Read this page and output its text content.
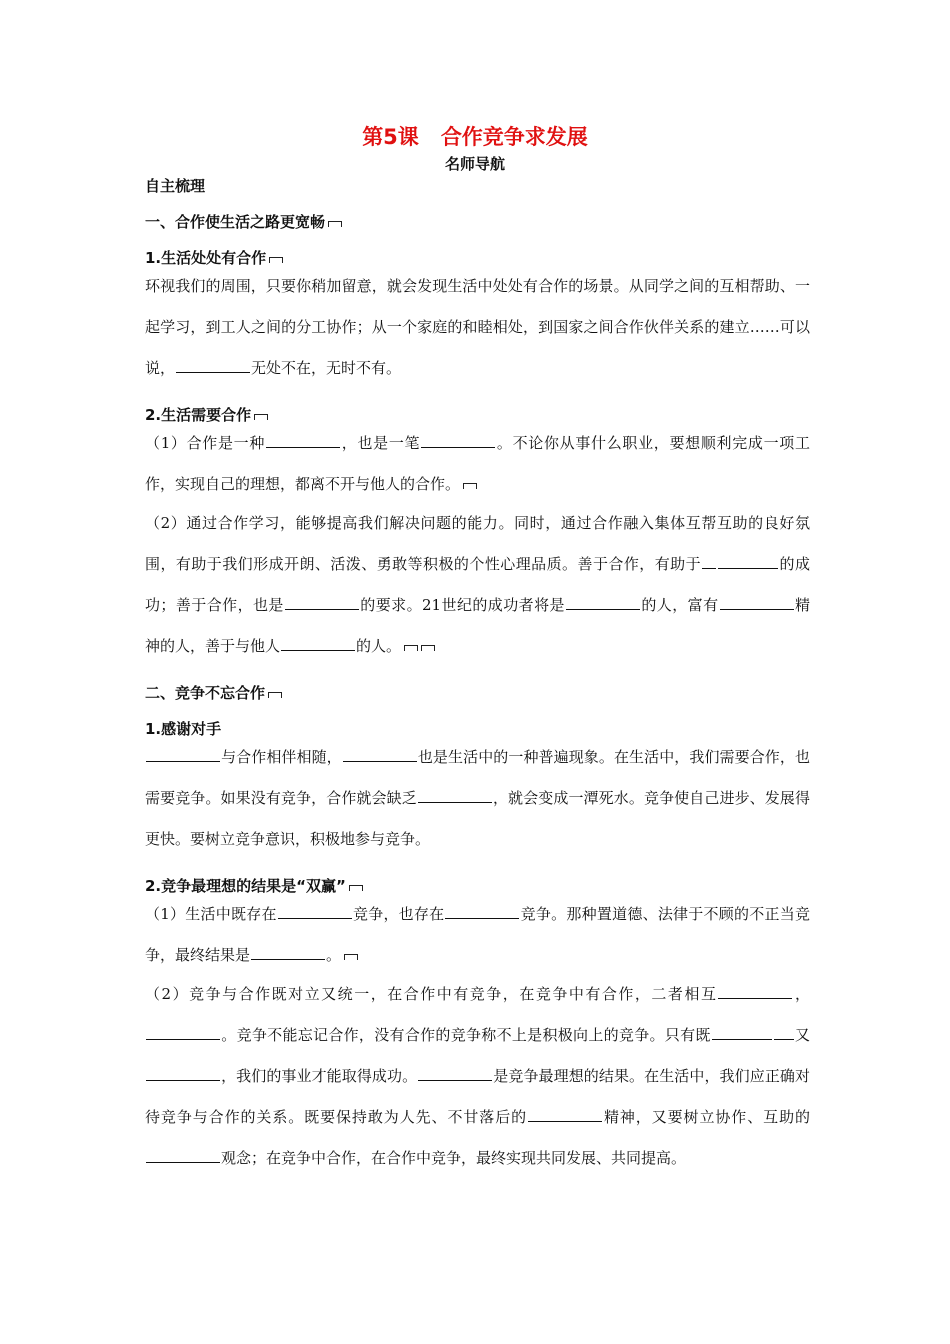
第5课 合作竞争求发展
名师导航
自主梳理
一、合作使生活之路更宽畅
1.生活处处有合作
环视我们的周围，只要你稍加留意，就会发现生活中处处有合作的场景。从同学之间的互相帮助、一起学习，到工人之间的分工协作；从一个家庭的和睦相处，到国家之间合作伙伴关系的建立……可以说，	无处不在，无时不有。
2.生活需要合作
（1）合作是一种	，也是一笔	。不论你从事什么职业，要想顺利完成一项工作，实现自己的理想，都离不开与他人的合作。
（2）通过合作学习，能够提高我们解决问题的能力。同时，通过合作融入集体互帮互助的良好氛围，有助于我们形成开朗、活泼、勇敢等积极的个性心理品质。善于合作，有助于	的成功；善于合作，也是	的要求。21世纪的成功者将是	的人，富有	精神的人，善于与他人	的人。
二、竞争不忘合作
1.感谢对手
与合作相伴相随，	也是生活中的一种普遍现象。在生活中，我们需要合作，也需要竞争。如果没有竞争，合作就会缺乏	，就会变成一潭死水。竞争使自己进步、发展得更快。要树立竞争意识，积极地参与竞争。
2.竞争最理想的结果是“双赢”
（1）生活中既存在	竞争，也存在	竞争。那种置道德、法律于不顾的不正当竞争，最终结果是	。
（2）竞争与合作既对立又统一，在合作中有竞争，在竞争中有合作，二者相互	，。竞争不能忘记合作，没有合作的竞争称不上是积极向上的竞争。只有既	又，我们的事业才能取得成功。	是竞争最理想的结果。在生活中，我们应正确对待竞争与合作的关系。既要保持敢为人先、不甘落后的	精神，又要树立协作、互助的观念；在竞争中合作，在合作中竞争，最终实现共同发展、共同提高。
